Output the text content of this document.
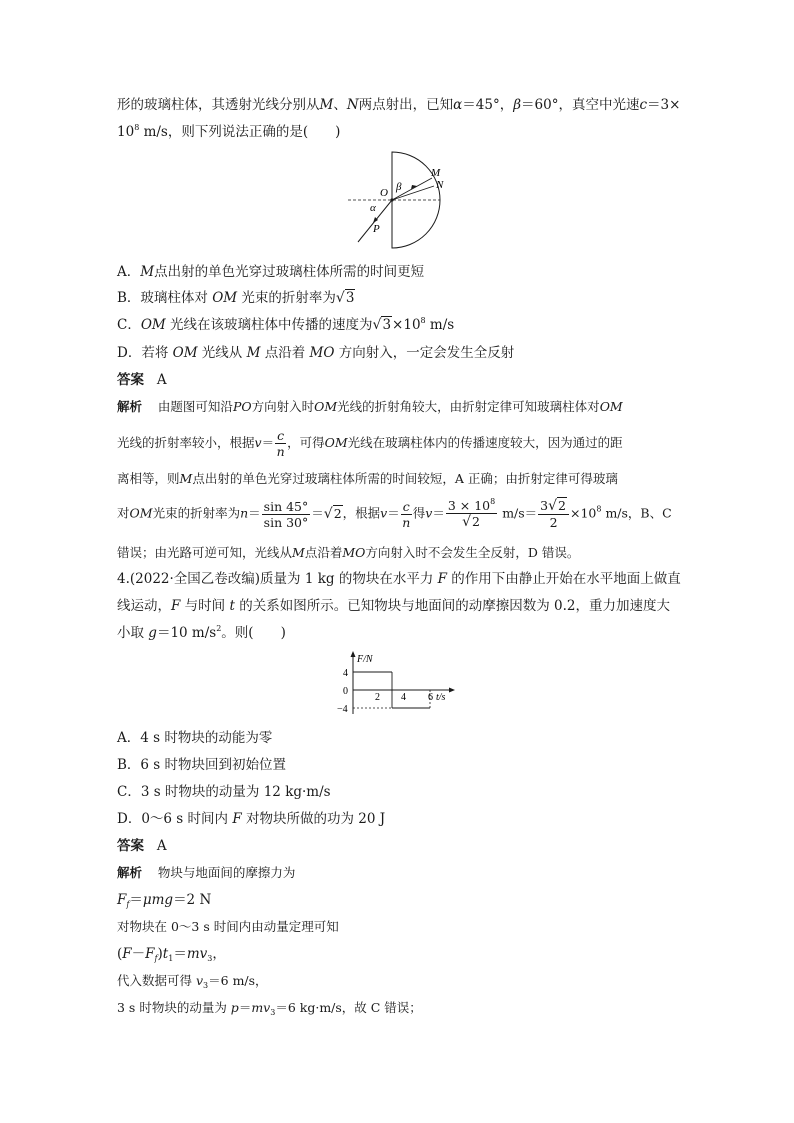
形的玻璃柱体，其透射光线分别从M、N两点射出，已知α＝45°，β＝60°，真空中光速c＝3×
$10^8$ m/s，则下列说法正确的是(　　)
O β
M
N
α
P
A．M点出射的单色光穿过玻璃柱体所需的时间更短
B．玻璃柱体对 OM 光束的折射率为√3
C．OM 光线在该玻璃柱体中传播的速度为$√3\times 10^8$ m/s
D．若将 OM 光线从 M 点沿着 MO 方向射入，一定会发生全反射
答案 A
解析 由题图可知沿PO方向射入时OM光线的折射角较大，由折射定律可知玻璃柱体对OM
光线的折射率较小，根据$v= \frac{c}{n}$ ，可得OM光线在玻璃柱体内的传播速度较大，因为通过的距
离相等，则M点出射的单色光穿过玻璃柱体所需的时间较短，A 正确；由折射定律可得玻璃
对OM光束的折射率为$n= \frac{\sin 45^\circ}{\sin 30^\circ} =√2$，根据$v= \frac{c}{n}$ 得$v= \frac{3 \times 10^8}{√2} m/s= \frac{3√2}{2} \times 10^8$ m/s，B、C
错误；由光路可逆可知，光线从M点沿着MO方向射入时不会发生全反射，D 错误。
4.(2022·全国乙卷改编)质量为 1 kg 的物块在水平力 F 的作用下由静止开始在水平地面上做直
线运动，F 与时间 t 的关系如图所示。已知物块与地面间的动摩擦因数为 0.2，重力加速度大
小取 g＝10 $m/s^2$。则(　　)
F/N
4
0
−4
2 4 6 t/s
A．4 s 时物块的动能为零
B．6 s 时物块回到初始位置
C．3 s 时物块的动量为 12 kg·m/s
D．0～6 s 时间内 F 对物块所做的功为 20 J
答案 A
解析 物块与地面间的摩擦力为
$F_f=\mu mg=2$ N
对物块在 0～3 s 时间内由动量定理可知
$(F-F_f)t_1=mv_3$，
代入数据可得 $v_3=6$ m/s，
3 s 时物块的动量为 $p=mv_3=6$ kg·m/s，故 C 错误；
